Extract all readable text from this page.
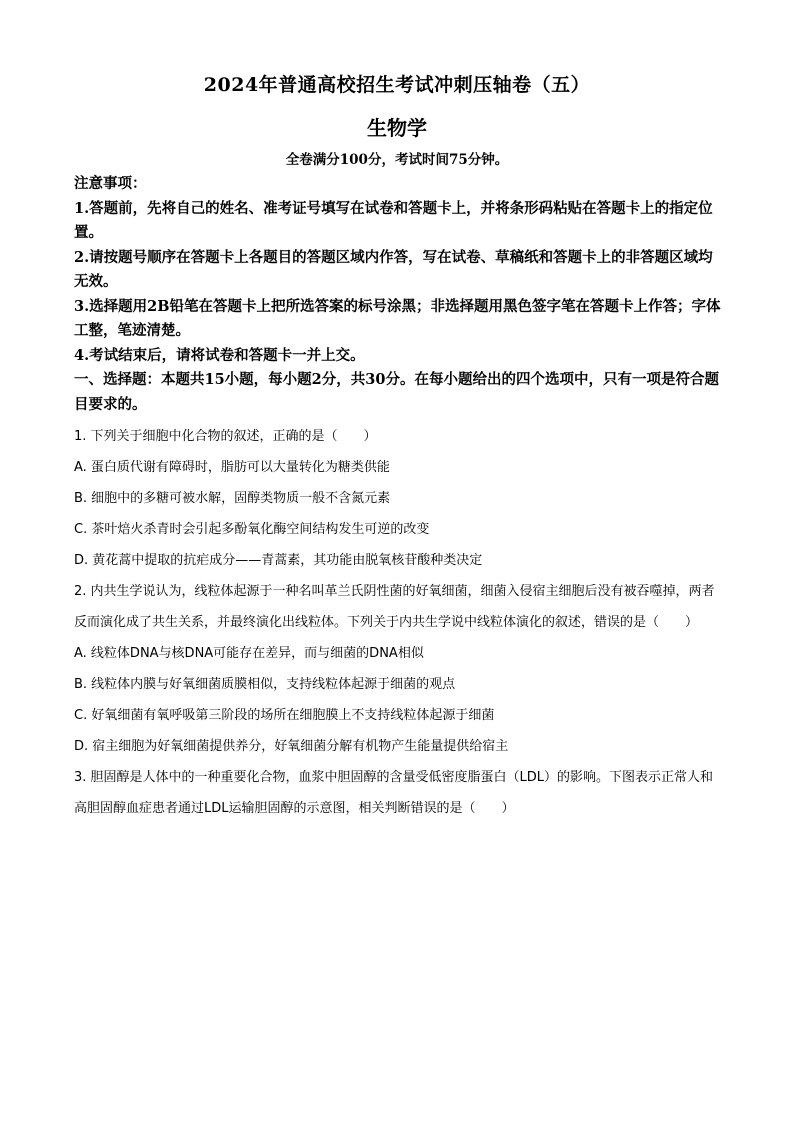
2024年普通高校招生考试冲刺压轴卷（五）
生物学
全卷满分100分，考试时间75分钟。

注意事项：

1.答题前，先将自己的姓名、准考证号填写在试卷和答题卡上，并将条形码粘贴在答题卡上的指定位置。

2.请按题号顺序在答题卡上各题目的答题区域内作答，写在试卷、草稿纸和答题卡上的非答题区域均无效。

3.选择题用2B铅笔在答题卡上把所选答案的标号涂黑；非选择题用黑色签字笔在答题卡上作答；字体工整，笔迹清楚。

4.考试结束后，请将试卷和答题卡一并上交。

一、选择题：本题共15小题，每小题2分，共30分。在每小题给出的四个选项中，只有一项是符合题目要求的。

1. 下列关于细胞中化合物的叙述，正确的是（　　）

A. 蛋白质代谢有障碍时，脂肪可以大量转化为糖类供能

B. 细胞中的多糖可被水解，固醇类物质一般不含氮元素

C. 茶叶焙火杀青时会引起多酚氧化酶空间结构发生可逆的改变

D. 黄花蒿中提取的抗疟成分——青蒿素，其功能由脱氧核苷酸种类决定

2. 内共生学说认为，线粒体起源于一种名叫革兰氏阴性菌的好氧细菌，细菌入侵宿主细胞后没有被吞噬掉，两者反而演化成了共生关系，并最终演化出线粒体。下列关于内共生学说中线粒体演化的叙述，错误的是（　　）

A. 线粒体DNA与核DNA可能存在差异，而与细菌的DNA相似

B. 线粒体内膜与好氧细菌质膜相似，支持线粒体起源于细菌的观点

C. 好氧细菌有氧呼吸第三阶段的场所在细胞膜上不支持线粒体起源于细菌

D. 宿主细胞为好氧细菌提供养分，好氧细菌分解有机物产生能量提供给宿主

3. 胆固醇是人体中的一种重要化合物，血浆中胆固醇的含量受低密度脂蛋白（LDL）的影响。下图表示正常人和高胆固醇血症患者通过LDL运输胆固醇的示意图，相关判断错误的是（　　）
